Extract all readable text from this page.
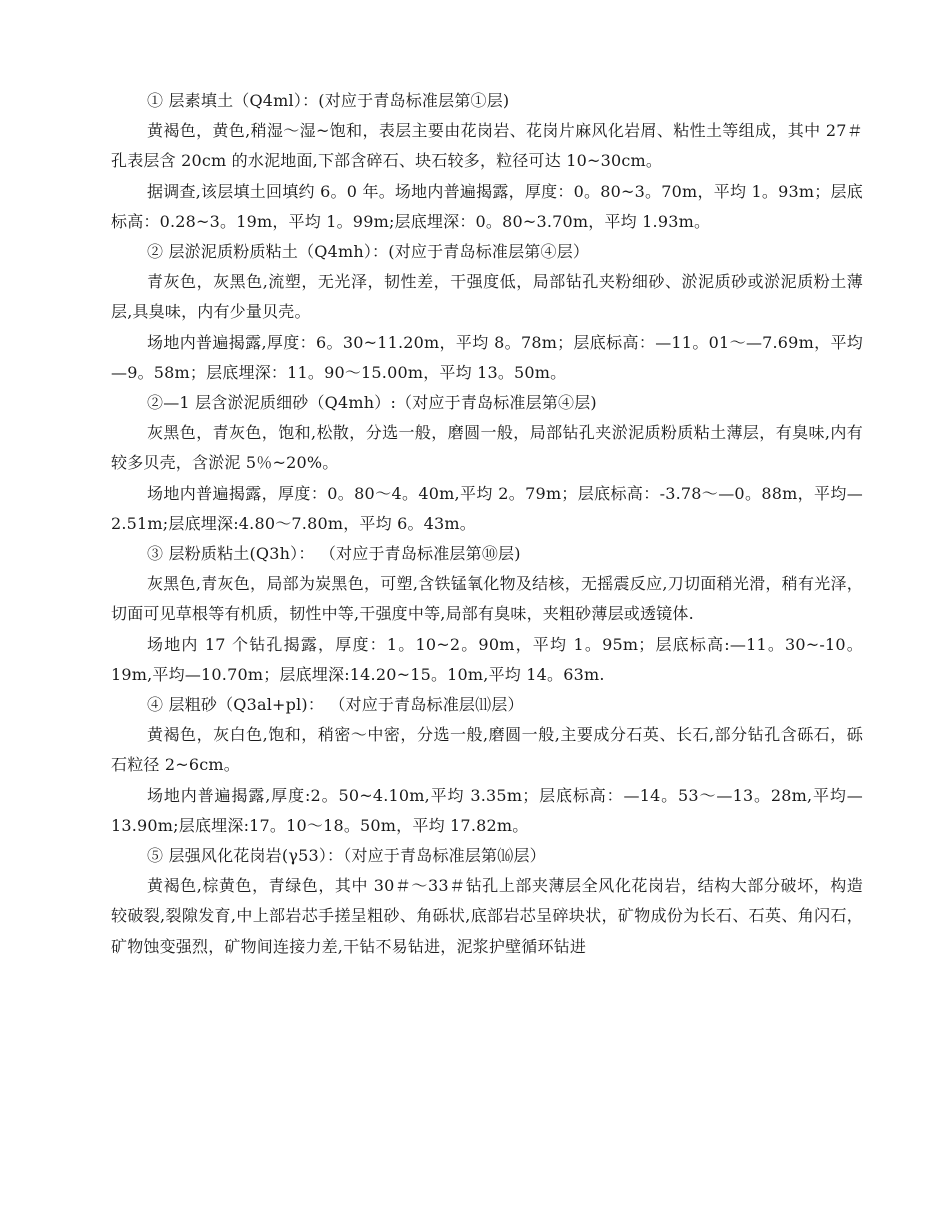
① 层素填土（Q4ml）：(对应于青岛标准层第①层)

黄褐色，黄色,稍湿～湿~饱和，表层主要由花岗岩、花岗片麻风化岩屑、粘性土等组成，其中 27＃孔表层含 20cm 的水泥地面,下部含碎石、块石较多，粒径可达 10~30cm。

据调查,该层填土回填约 6。0 年。场地内普遍揭露，厚度：0。80~3。70m，平均 1。93m；层底标高：0.28~3。19m，平均 1。99m;层底埋深：0。80~3.70m，平均 1.93m。

② 层淤泥质粉质粘土（Q4mh）：(对应于青岛标准层第④层）

青灰色，灰黑色,流塑，无光泽，韧性差，干强度低，局部钻孔夹粉细砂、淤泥质砂或淤泥质粉土薄层,具臭味，内有少量贝壳。

场地内普遍揭露,厚度：6。30~11.20m，平均 8。78m；层底标高：—11。01～—7.69m，平均—9。58m；层底埋深：11。90～15.00m，平均 13。50m。

②—1 层含淤泥质细砂（Q4mh）:（对应于青岛标准层第④层)

灰黑色，青灰色，饱和,松散，分选一般，磨圆一般，局部钻孔夹淤泥质粉质粘土薄层，有臭味,内有较多贝壳，含淤泥 5％~20%。

场地内普遍揭露，厚度：0。80～4。40m,平均 2。79m；层底标高：-3.78～—0。88m，平均—2.51m;层底埋深:4.80～7.80m，平均 6。43m。

③ 层粉质粘土(Q3h）： （对应于青岛标准层第⑩层)

灰黑色,青灰色，局部为炭黑色，可塑,含铁锰氧化物及结核，无摇震反应,刀切面稍光滑，稍有光泽，切面可见草根等有机质，韧性中等,干强度中等,局部有臭味，夹粗砂薄层或透镜体.

场地内 17 个钻孔揭露，厚度：1。10~2。90m，平均 1。95m；层底标高:—11。30~-10。19m,平均—10.70m；层底埋深:14.20~15。10m,平均 14。63m.

④ 层粗砂（Q3al+pl)： （对应于青岛标准层⑾层）

黄褐色，灰白色,饱和，稍密～中密，分选一般,磨圆一般,主要成分石英、长石,部分钻孔含砾石，砾石粒径 2~6cm。

场地内普遍揭露,厚度:2。50~4.10m,平均 3.35m；层底标高：—14。53～—13。28m,平均—13.90m;层底埋深:17。10～18。50m，平均 17.82m。

⑤ 层强风化花岗岩(γ53）：（对应于青岛标准层第⒃层）

黄褐色,棕黄色，青绿色，其中 30＃～33＃钻孔上部夹薄层全风化花岗岩，结构大部分破坏，构造较破裂,裂隙发育,中上部岩芯手搓呈粗砂、角砾状,底部岩芯呈碎块状，矿物成份为长石、石英、角闪石，矿物蚀变强烈，矿物间连接力差,干钻不易钻进，泥浆护壁循环钻进
